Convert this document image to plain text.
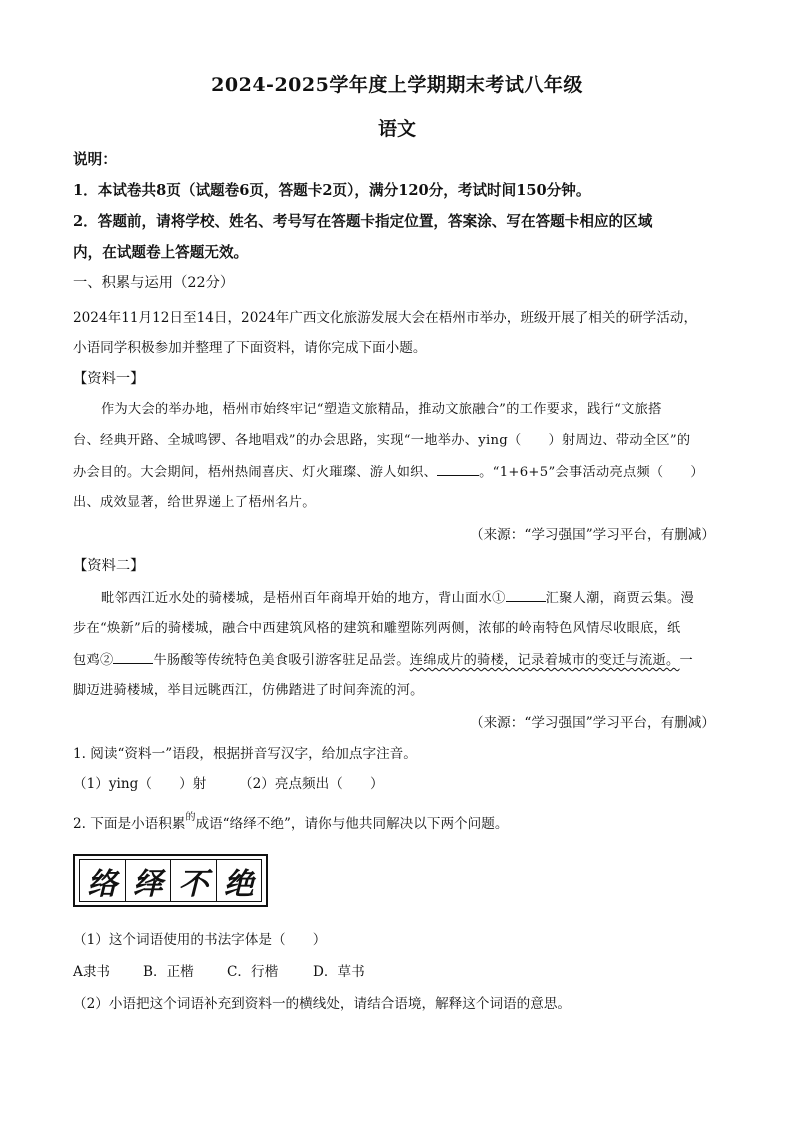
2024-2025学年度上学期期末考试八年级
语文
说明：
1．本试卷共8页（试题卷6页，答题卡2页），满分120分，考试时间150分钟。
2．答题前，请将学校、姓名、考号写在答题卡指定位置，答案涂、写在答题卡相应的区域
内，在试题卷上答题无效。
一、积累与运用（22分）
2024年11月12日至14日，2024年广西文化旅游发展大会在梧州市举办，班级开展了相关的研学活动，
小语同学积极参加并整理了下面资料，请你完成下面小题。
【资料一】
作为大会的举办地，梧州市始终牢记“塑造文旅精品，推动文旅融合”的工作要求，践行“文旅搭
台、经典开路、全城鸣锣、各地唱戏”的办会思路，实现“一地举办、ying（　　）射周边、带动全区”的
办会目的。大会期间，梧州热闹喜庆、灯火璀璨、游人如织、	。“1+6+5”会事活动亮点频（　　）
出、成效显著，给世界递上了梧州名片。
（来源：“学习强国”学习平台，有删减）
【资料二】
毗邻西江近水处的骑楼城，是梧州百年商埠开始的地方，背山面水①	汇聚人潮，商贾云集。漫
步在“焕新”后的骑楼城，融合中西建筑风格的建筑和雕塑陈列两侧，浓郁的岭南特色风情尽收眼底，纸
包鸡②	牛肠酸等传统特色美食吸引游客驻足品尝。连绵成片的骑楼，记录着城市的变迁与流逝。一
脚迈进骑楼城，举目远眺西江，仿佛踏进了时间奔流的河。
（来源：“学习强国”学习平台，有删减）
1. 阅读“资料一”语段，根据拼音写汉字，给加点字注音。
（1）ying（　　）射 （2）亮点频出（　　）
2. 下面是小语积累$^的$成语“络绎不绝”，请你与他共同解决以下两个问题。
络 绎 不 绝
（1）这个词语使用的书法字体是（　　）
A隶书 B．正楷 C．行楷	D．草书
（2）小语把这个词语补充到资料一的横线处，请结合语境，解释这个词语的意思。
